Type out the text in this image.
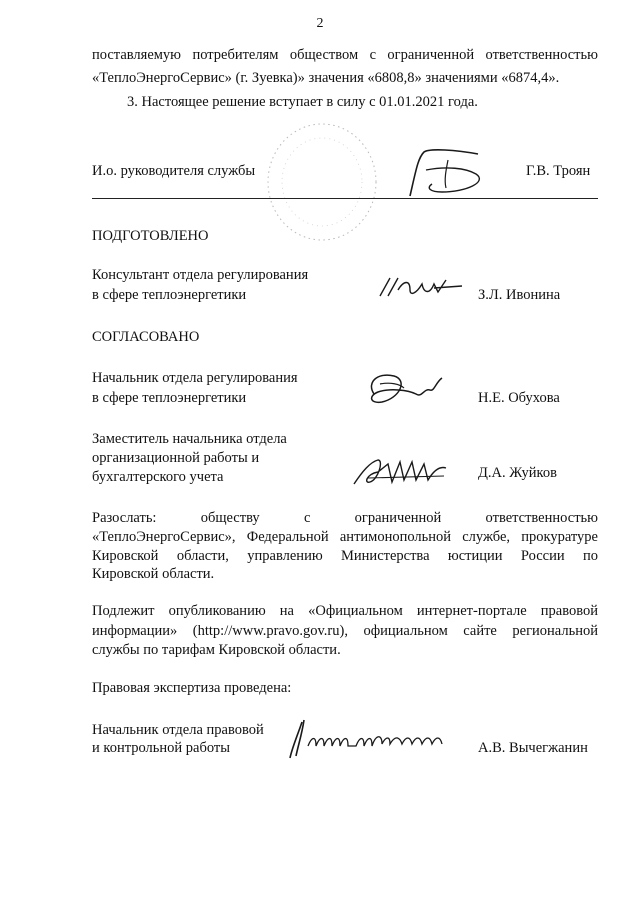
2
поставляемую потребителям обществом с ограниченной ответственностью
«ТеплоЭнергоСервис» (г. Зуевка)» значения «6808,8» значениями «6874,4».
3. Настоящее решение вступает в силу с 01.01.2021 года.
И.о. руководителя службы	Г.В. Троян
ПОДГОТОВЛЕНО
Консультант отдела регулирования
в сфере теплоэнергетики	З.Л. Ивонина
СОГЛАСОВАНО
Начальник отдела регулирования
в сфере теплоэнергетики	Н.Е. Обухова
Заместитель начальника отдела
организационной работы и
бухгалтерского учета	Д.А. Жуйков
Разослать:	обществу	с	ограниченной	ответственностью
«ТеплоЭнергоСервис», Федеральной антимонопольной службе, прокуратуре
Кировской области, управлению Министерства юстиции России по
Кировской области.
Подлежит опубликованию на «Официальном интернет-портале правовой
информации» (http://www.pravo.gov.ru), официальном сайте региональной
службы по тарифам Кировской области.
Правовая экспертиза проведена:
Начальник отдела правовой
и контрольной работы	А.В. Вычегжанин
